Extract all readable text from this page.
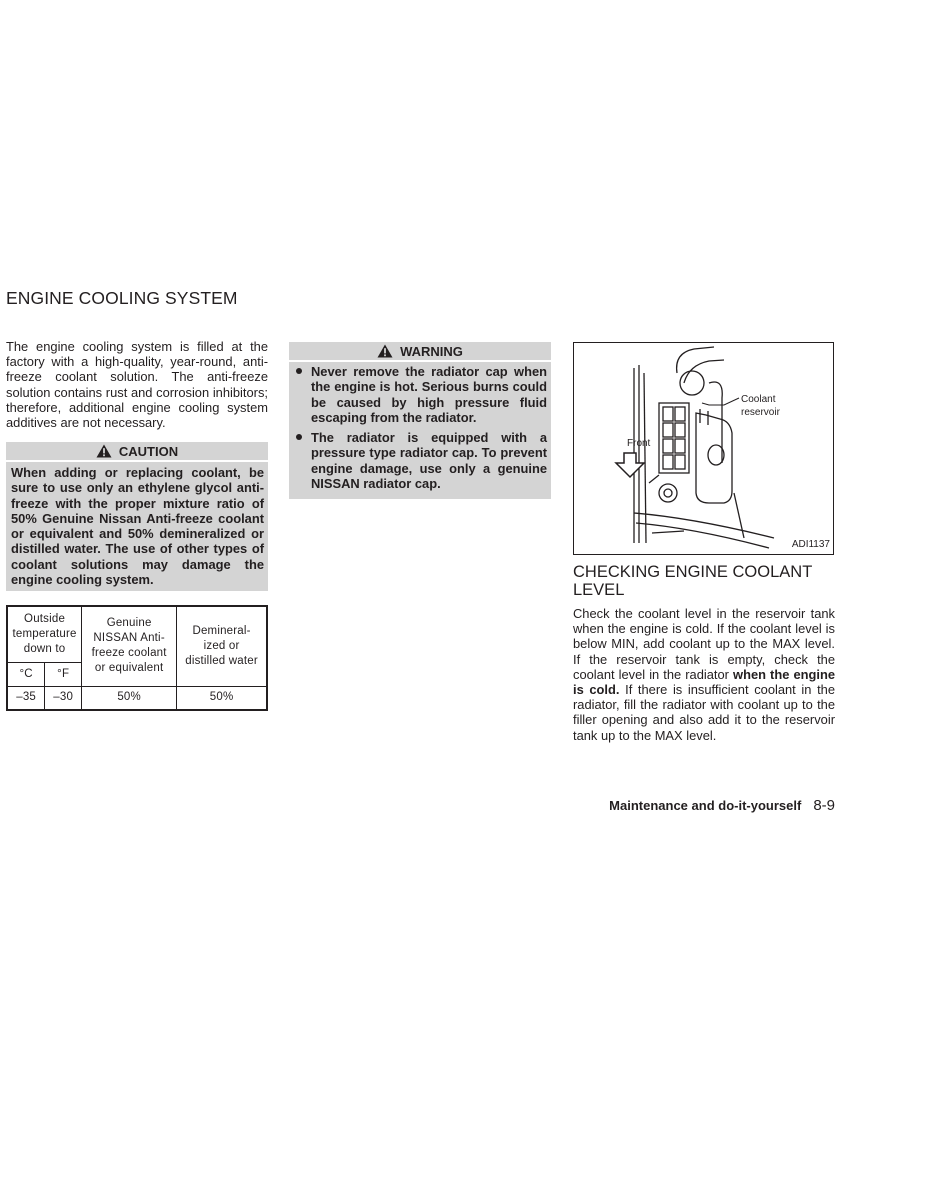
ENGINE COOLING SYSTEM

The engine cooling system is filled at the factory with a high-quality, year-round, anti-freeze coolant solution. The anti-freeze solution contains rust and corrosion inhibitors; therefore, additional engine cooling system additives are not necessary.

CAUTION

When adding or replacing coolant, be sure to use only an ethylene glycol anti-freeze with the proper mixture ratio of 50% Genuine Nissan Anti-freeze coolant or equivalent and 50% demineralized or distilled water. The use of other types of coolant solutions may damage the engine cooling system.

Outside temperature down to		Genuine NISSAN Anti-freeze coolant or equivalent	Demineral-ized or distilled water
°C	°F		
–35	–30	50%	50%
WARNING
Never remove the radiator cap when the engine is hot. Serious burns could be caused by high pressure fluid escaping from the radiator.
The radiator is equipped with a pressure type radiator cap. To prevent engine damage, use only a genuine NISSAN radiator cap.
Front
Coolant
reservoir
ADI1137
CHECKING ENGINE COOLANT
LEVEL

Check the coolant level in the reservoir tank when the engine is cold. If the coolant level is below MIN, add coolant up to the MAX level. If the reservoir tank is empty, check the coolant level in the radiator when the engine is cold. If there is insufficient coolant in the radiator, fill the radiator with coolant up to the filler opening and also add it to the reservoir tank up to the MAX level.

Maintenance and do-it-yourself 8-9
